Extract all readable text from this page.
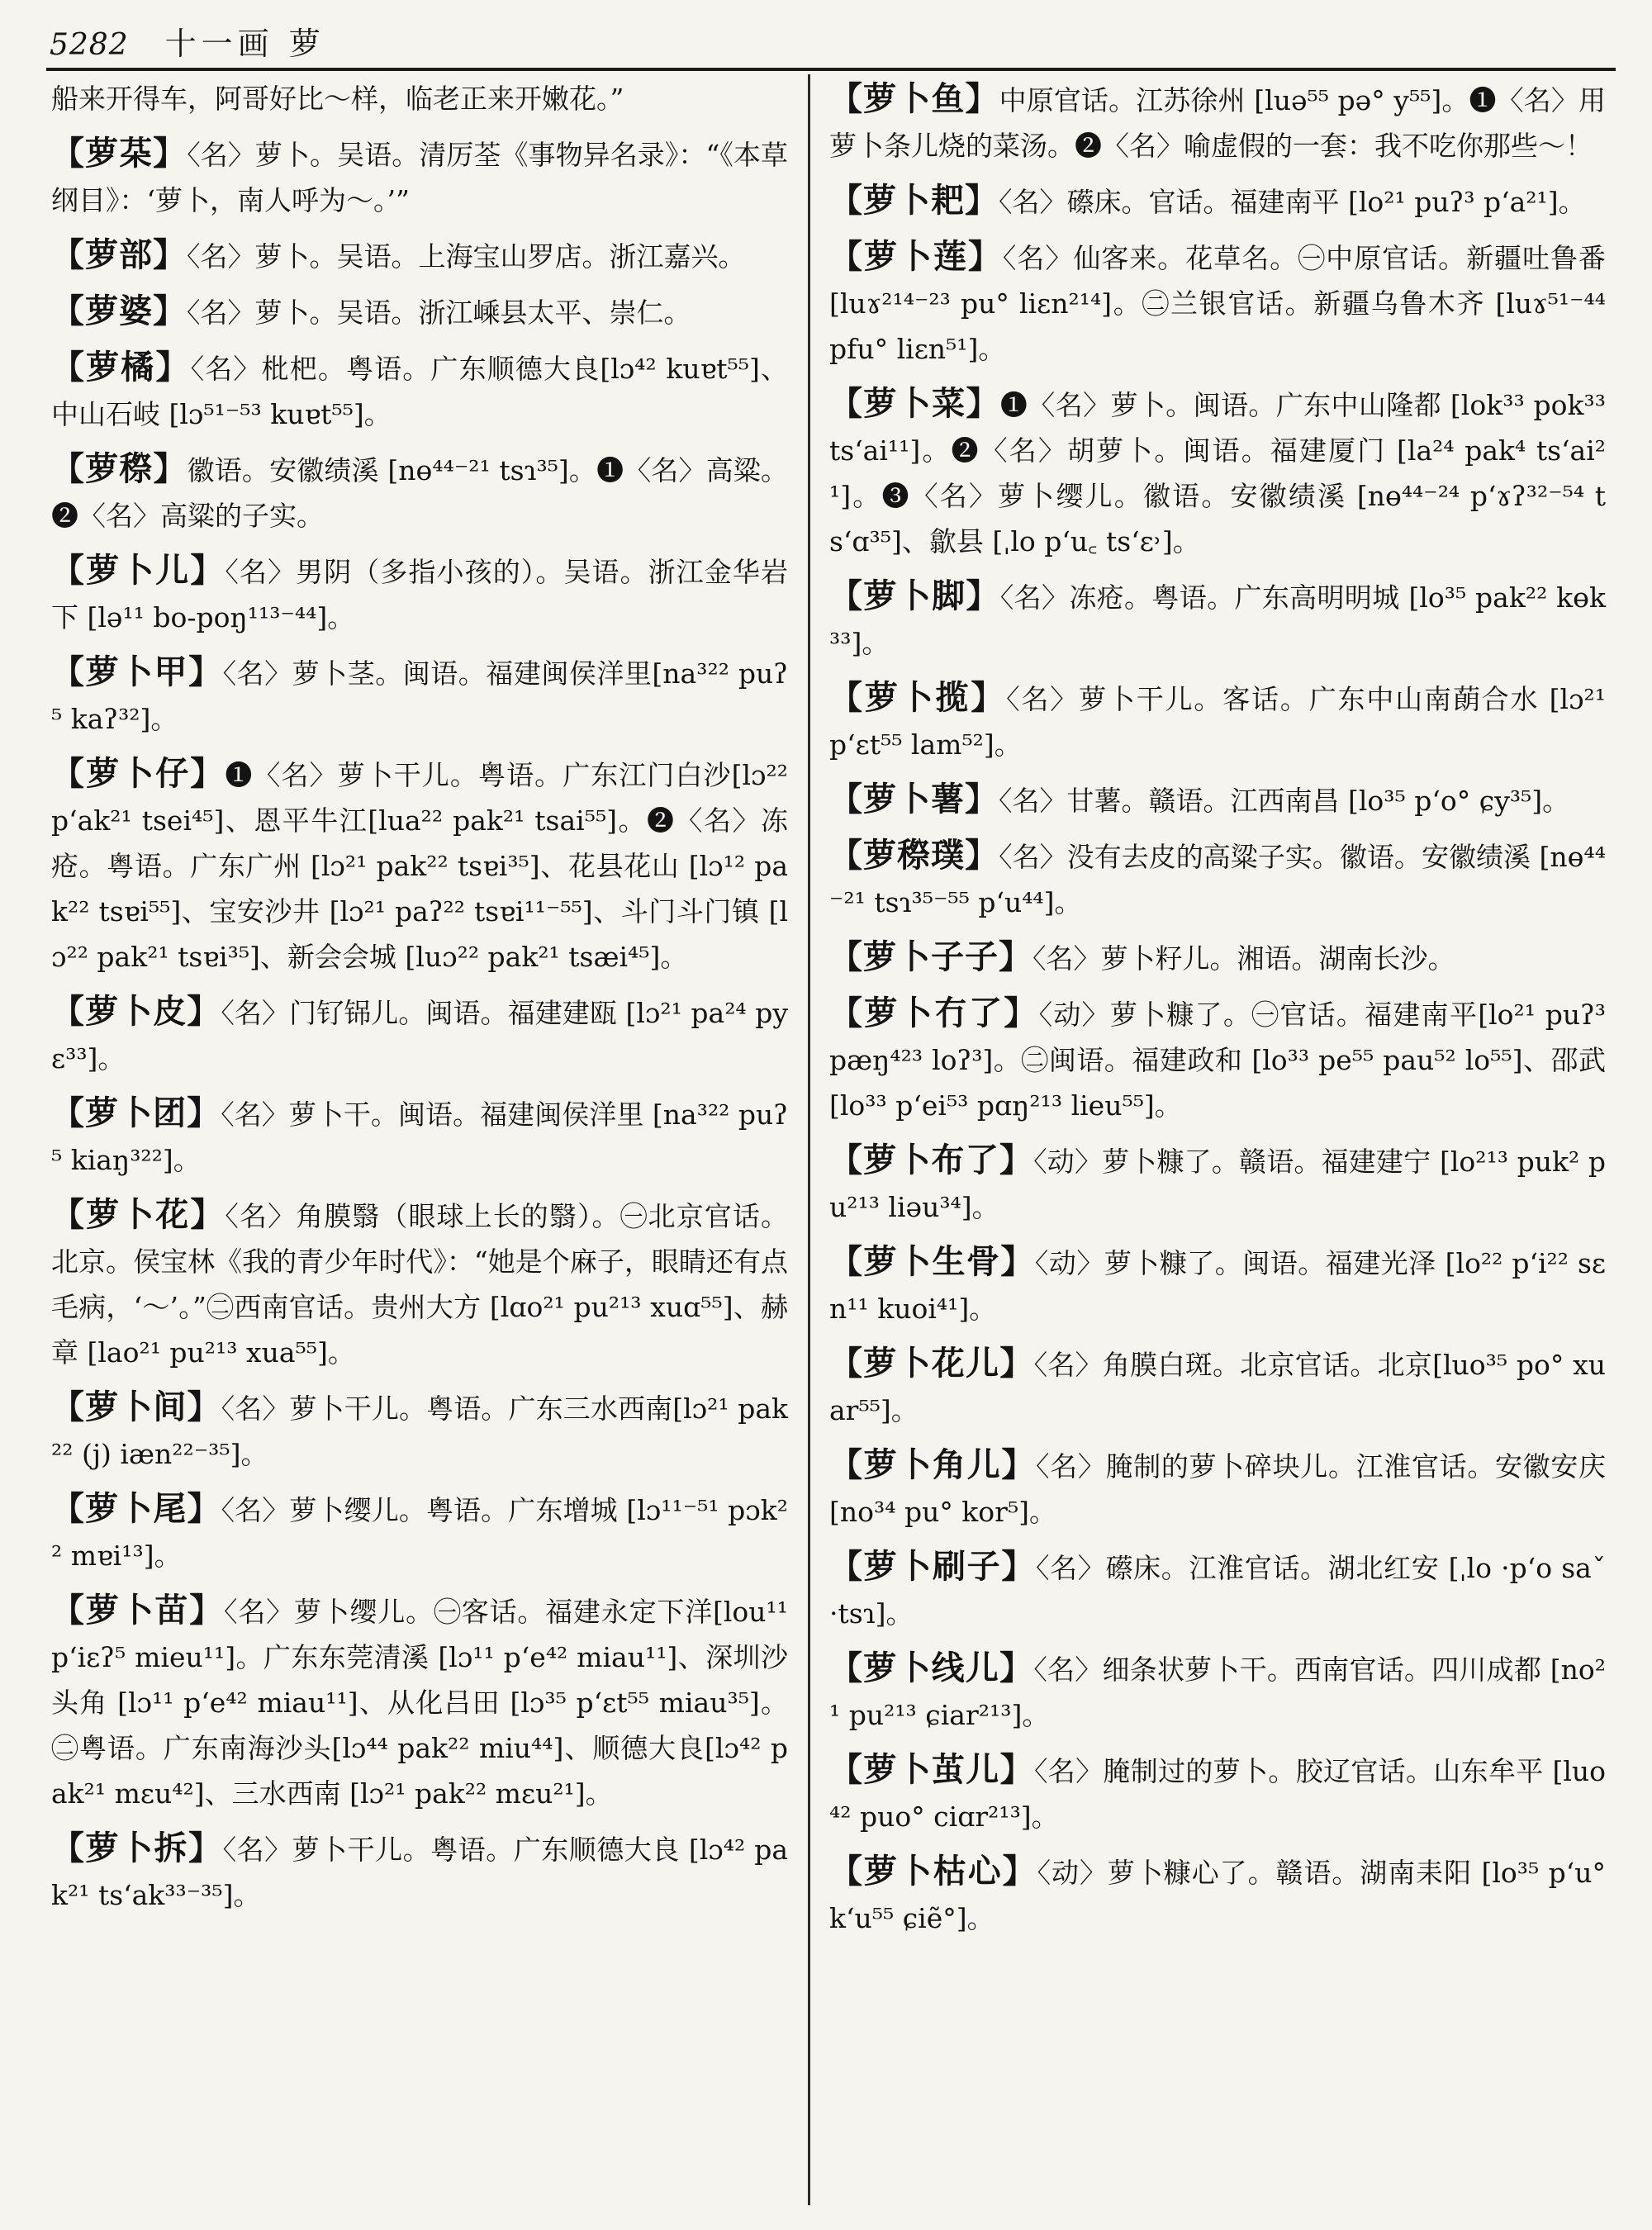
5282 十一画 萝
船来开得车，阿哥好比～样，临老正来开嫩花。”
【萝䒳】〈名〉萝卜。吴语。清厉荃《事物异名录》：“《本草纲目》：‘萝卜，南人呼为～。’”
【萝部】〈名〉萝卜。吴语。上海宝山罗店。浙江嘉兴。
【萝婆】〈名〉萝卜。吴语。浙江嵊县太平、崇仁。
【萝橘】〈名〉枇杷。粤语。广东顺德大良[lɔ⁴² kuɐt⁵⁵]、中山石岐 [lɔ⁵¹⁻⁵³ kuɐt⁵⁵]。
【萝穄】徽语。安徽绩溪 [nɵ⁴⁴⁻²¹ tsɿ³⁵]。❶〈名〉高粱。❷〈名〉高粱的子实。
【萝卜儿】〈名〉男阴（多指小孩的）。吴语。浙江金华岩下 [lə¹¹ bo-poŋ¹¹³⁻⁴⁴]。
【萝卜甲】〈名〉萝卜茎。闽语。福建闽侯洋里[na³²² puʔ⁵ kaʔ³²]。
【萝卜仔】❶〈名〉萝卜干儿。粤语。广东江门白沙[lɔ²² p‘ak²¹ tsei⁴⁵]、恩平牛江[lua²² pak²¹ tsai⁵⁵]。❷〈名〉冻疮。粤语。广东广州 [lɔ²¹ pak²² tsɐi³⁵]、花县花山 [lɔ¹² pak²² tsɐi⁵⁵]、宝安沙井 [lɔ²¹ paʔ²² tsɐi¹¹⁻⁵⁵]、斗门斗门镇 [lɔ²² pak²¹ tsɐi³⁵]、新会会城 [luɔ²² pak²¹ tsæi⁴⁵]。
【萝卜皮】〈名〉门钌铞儿。闽语。福建建瓯 [lɔ²¹ pa²⁴ pyɛ³³]。
【萝卜团】〈名〉萝卜干。闽语。福建闽侯洋里 [na³²² puʔ⁵ kiaŋ³²²]。
【萝卜花】〈名〉角膜翳（眼球上长的翳）。㊀北京官话。北京。侯宝林《我的青少年时代》：“她是个麻子，眼睛还有点毛病，‘～’。”㊁西南官话。贵州大方 [lɑo²¹ pu²¹³ xuɑ⁵⁵]、赫章 [lao²¹ pu²¹³ xua⁵⁵]。
【萝卜间】〈名〉萝卜干儿。粤语。广东三水西南[lɔ²¹ pak²² (j) iæn²²⁻³⁵]。
【萝卜尾】〈名〉萝卜缨儿。粤语。广东增城 [lɔ¹¹⁻⁵¹ pɔk²² mɐi¹³]。
【萝卜苗】〈名〉萝卜缨儿。㊀客话。福建永定下洋[lou¹¹ p‘iɛʔ⁵ mieu¹¹]。广东东莞清溪 [lɔ¹¹ p‘e⁴² miau¹¹]、深圳沙头角 [lɔ¹¹ p‘e⁴² miau¹¹]、从化吕田 [lɔ³⁵ p‘ɛt⁵⁵ miau³⁵]。㊁粤语。广东南海沙头[lɔ⁴⁴ pak²² miu⁴⁴]、顺德大良[lɔ⁴² pak²¹ mɛu⁴²]、三水西南 [lɔ²¹ pak²² mɛu²¹]。
【萝卜拆】〈名〉萝卜干儿。粤语。广东顺德大良 [lɔ⁴² pak²¹ ts‘ak³³⁻³⁵]。
【萝卜鱼】中原官话。江苏徐州 [luə⁵⁵ pə° y⁵⁵]。❶〈名〉用萝卜条儿烧的菜汤。❷〈名〉喻虚假的一套：我不吃你那些～！
【萝卜耙】〈名〉礤床。官话。福建南平 [lo²¹ puʔ³ p‘a²¹]。
【萝卜莲】〈名〉仙客来。花草名。㊀中原官话。新疆吐鲁番 [luɤ²¹⁴⁻²³ pu° liɛn²¹⁴]。㊁兰银官话。新疆乌鲁木齐 [luɤ⁵¹⁻⁴⁴ pfu° liɛn⁵¹]。
【萝卜菜】❶〈名〉萝卜。闽语。广东中山隆都 [lok³³ pok³³ ts‘ai¹¹]。❷〈名〉胡萝卜。闽语。福建厦门 [la²⁴ pak⁴ ts‘ai²¹]。❸〈名〉萝卜缨儿。徽语。安徽绩溪 [nɵ⁴⁴⁻²⁴ p‘ɤʔ³²⁻⁵⁴ ts‘ɑ³⁵]、歙县 [ˌlo p‘u꜀ ts‘ɛ˒]。
【萝卜脚】〈名〉冻疮。粤语。广东高明明城 [lo³⁵ pak²² kɵk³³]。
【萝卜揽】〈名〉萝卜干儿。客话。广东中山南蓢合水 [lɔ²¹ p‘ɛt⁵⁵ lam⁵²]。
【萝卜薯】〈名〉甘薯。赣语。江西南昌 [lo³⁵ p‘o° ɕy³⁵]。
【萝穄璞】〈名〉没有去皮的高粱子实。徽语。安徽绩溪 [nɵ⁴⁴⁻²¹ tsɿ³⁵⁻⁵⁵ p‘u⁴⁴]。
【萝卜子子】〈名〉萝卜籽儿。湘语。湖南长沙。
【萝卜冇了】〈动〉萝卜糠了。㊀官话。福建南平[lo²¹ puʔ³ pæŋ⁴²³ loʔ³]。㊁闽语。福建政和 [lo³³ pe⁵⁵ pau⁵² lo⁵⁵]、邵武 [lo³³ p‘ei⁵³ pɑŋ²¹³ lieu⁵⁵]。
【萝卜布了】〈动〉萝卜糠了。赣语。福建建宁 [lo²¹³ puk² pu²¹³ liəu³⁴]。
【萝卜生骨】〈动〉萝卜糠了。闽语。福建光泽 [lo²² p‘i²² sɛn¹¹ kuoi⁴¹]。
【萝卜花儿】〈名〉角膜白斑。北京官话。北京[luo³⁵ po° xuar⁵⁵]。
【萝卜角儿】〈名〉腌制的萝卜碎块儿。江淮官话。安徽安庆 [no³⁴ pu° kor⁵]。
【萝卜刷子】〈名〉礤床。江淮官话。湖北红安 [ˌlo ·p‘o saˇ ·tsɿ]。
【萝卜线儿】〈名〉细条状萝卜干。西南官话。四川成都 [no²¹ pu²¹³ ɕiar²¹³]。
【萝卜茧儿】〈名〉腌制过的萝卜。胶辽官话。山东牟平 [luo⁴² puo° ciɑr²¹³]。
【萝卜枯心】〈动〉萝卜糠心了。赣语。湖南耒阳 [lo³⁵ p‘u° k‘u⁵⁵ ɕiẽ°]。
